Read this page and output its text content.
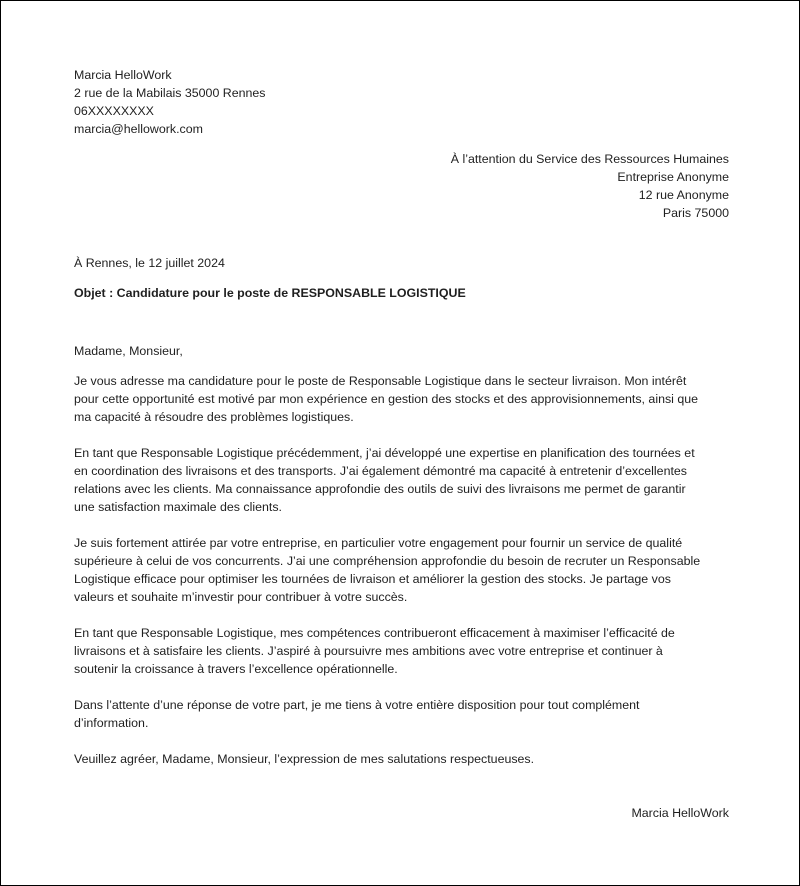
Marcia HelloWork
2 rue de la Mabilais 35000 Rennes
06XXXXXXXX
marcia@hellowork.com
À l’attention du Service des Ressources Humaines
Entreprise Anonyme
12 rue Anonyme
Paris 75000
À Rennes, le 12 juillet 2024
Objet : Candidature pour le poste de RESPONSABLE LOGISTIQUE
Madame, Monsieur,
Je vous adresse ma candidature pour le poste de Responsable Logistique dans le secteur livraison. Mon intérêt
pour cette opportunité est motivé par mon expérience en gestion des stocks et des approvisionnements, ainsi que
ma capacité à résoudre des problèmes logistiques.
En tant que Responsable Logistique précédemment, j’ai développé une expertise en planification des tournées et
en coordination des livraisons et des transports. J’ai également démontré ma capacité à entretenir d’excellentes
relations avec les clients. Ma connaissance approfondie des outils de suivi des livraisons me permet de garantir
une satisfaction maximale des clients.
Je suis fortement attirée par votre entreprise, en particulier votre engagement pour fournir un service de qualité
supérieure à celui de vos concurrents. J’ai une compréhension approfondie du besoin de recruter un Responsable
Logistique efficace pour optimiser les tournées de livraison et améliorer la gestion des stocks. Je partage vos
valeurs et souhaite m’investir pour contribuer à votre succès.
En tant que Responsable Logistique, mes compétences contribueront efficacement à maximiser l’efficacité de
livraisons et à satisfaire les clients. J’aspiré à poursuivre mes ambitions avec votre entreprise et continuer à
soutenir la croissance à travers l’excellence opérationnelle.
Dans l’attente d’une réponse de votre part, je me tiens à votre entière disposition pour tout complément
d’information.
Veuillez agréer, Madame, Monsieur, l’expression de mes salutations respectueuses.
Marcia HelloWork
